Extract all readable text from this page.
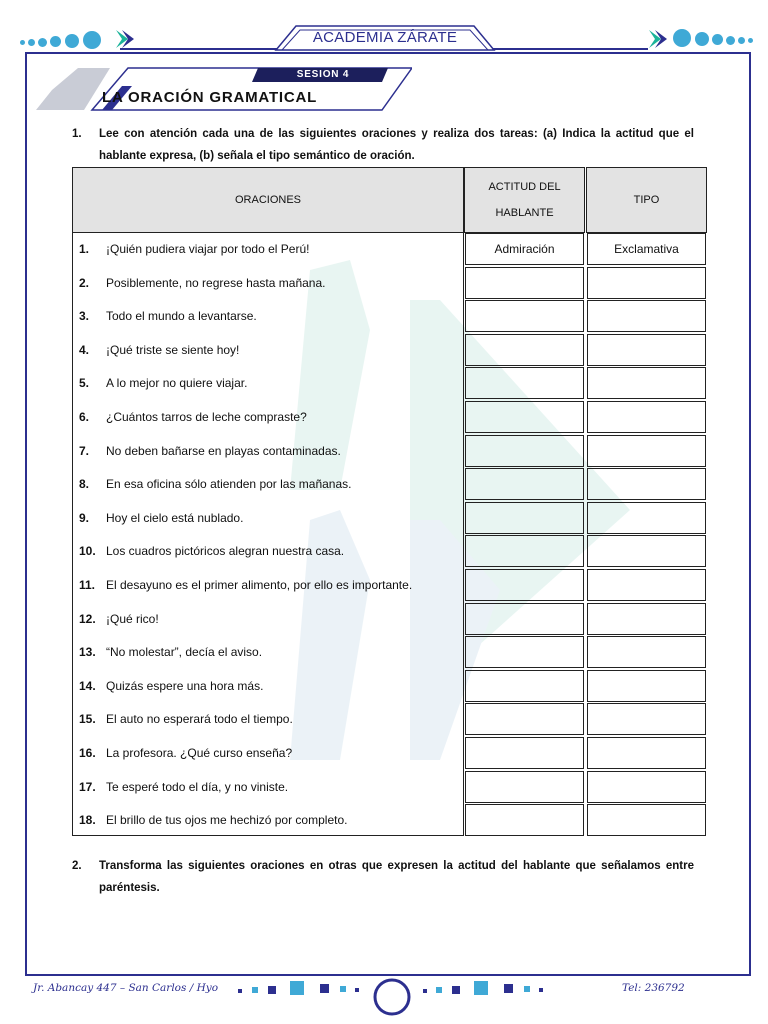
ACADEMIA ZÁRATE
SESION 4
LA ORACIÓN GRAMATICAL
1. Lee con atención cada una de las siguientes oraciones y realiza dos tareas: (a) Indica la actitud que el hablante expresa, (b) señala el tipo semántico de oración.
ORACIONES
ACTITUD DEL
HABLANTE
TIPO
1. ¡Quién pudiera viajar por todo el Perú!	Admiración	Exclamativa
2. Posiblemente, no regrese hasta mañana.
3. Todo el mundo a levantarse.
4. ¡Qué triste se siente hoy!
5. A lo mejor no quiere viajar.
6. ¿Cuántos tarros de leche compraste?
7. No deben bañarse en playas contaminadas.
8. En esa oficina sólo atienden por las mañanas.
9. Hoy el cielo está nublado.
10. Los cuadros pictóricos alegran nuestra casa.
11. El desayuno es el primer alimento, por ello es importante.
12. ¡Qué rico!
13. “No molestar”, decía el aviso.
14. Quizás espere una hora más.
15. El auto no esperará todo el tiempo.
16. La profesora. ¿Qué curso enseña?
17. Te esperé todo el día, y no viniste.
18. El brillo de tus ojos me hechizó por completo.
2. Transforma las siguientes oraciones en otras que expresen la actitud del hablante que señalamos entre paréntesis.
Jr. Abancay 447 – San Carlos / Hyo	Tel: 236792
